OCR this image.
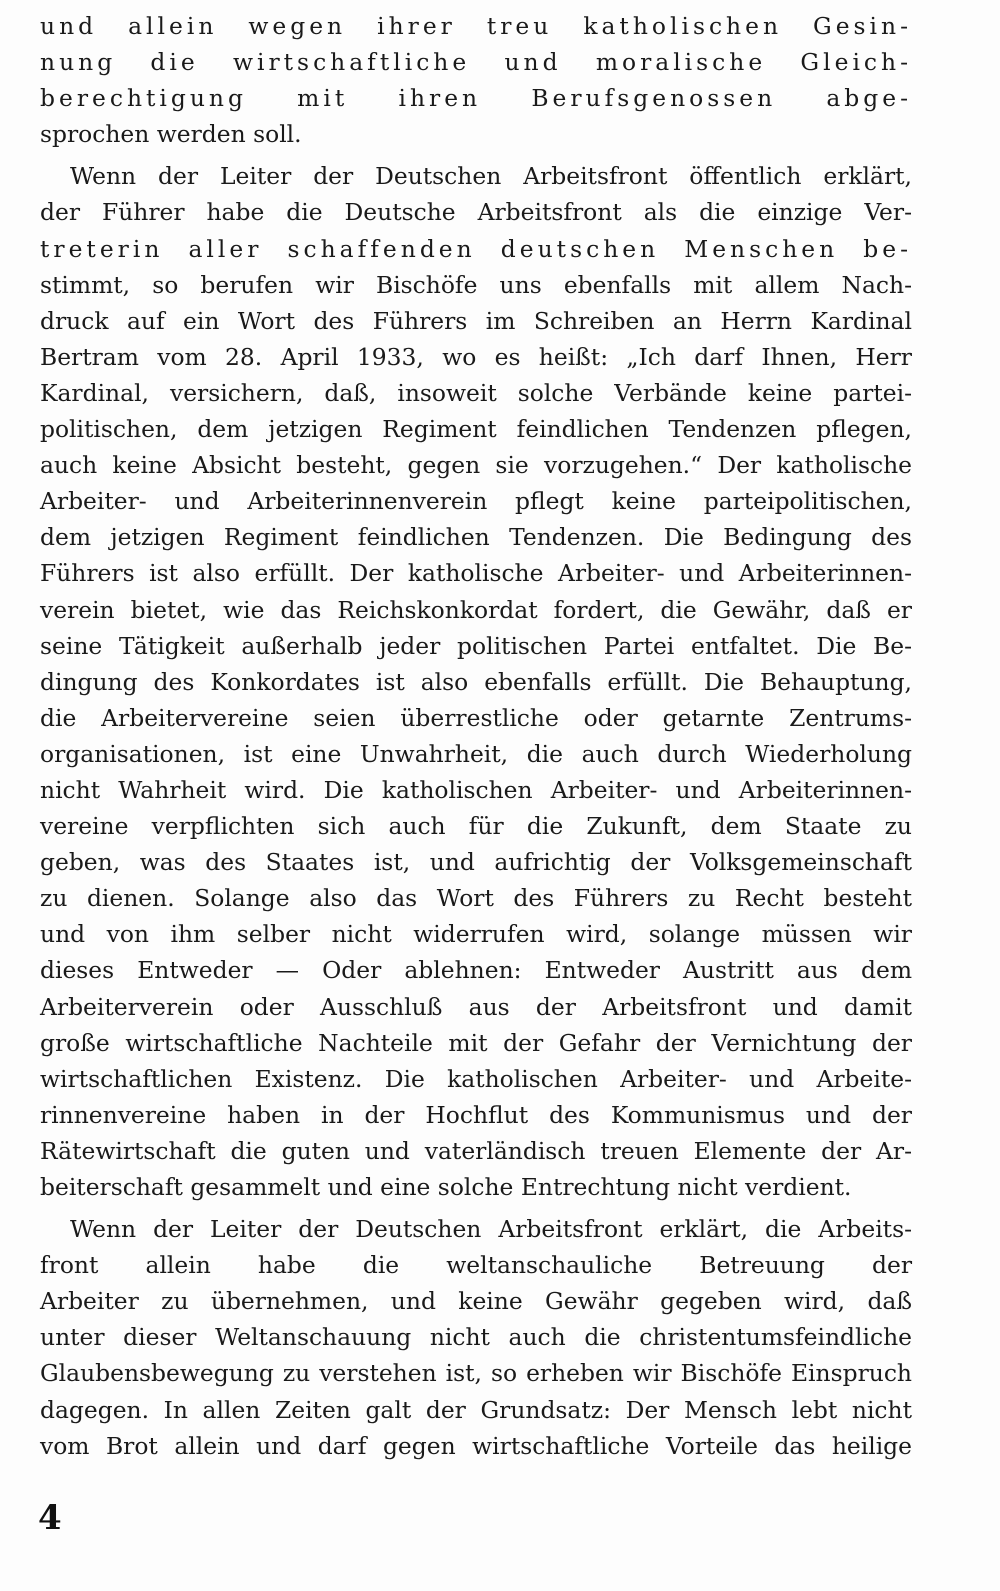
und allein wegen ihrer treu katholischen Gesin-
nung die wirtschaftliche und moralische Gleich-
berechtigung mit ihren Berufsgenossen abge-
sprochen werden soll.
Wenn der Leiter der Deutschen Arbeitsfront öffentlich erklärt,
der Führer habe die Deutsche Arbeitsfront als die einzige Ver-
treterin aller schaffenden deutschen Menschen be-
stimmt, so berufen wir Bischöfe uns ebenfalls mit allem Nach-
druck auf ein Wort des Führers im Schreiben an Herrn Kardinal
Bertram vom 28. April 1933, wo es heißt: „Ich darf Ihnen, Herr
Kardinal, versichern, daß, insoweit solche Verbände keine partei-
politischen, dem jetzigen Regiment feindlichen Tendenzen pflegen,
auch keine Absicht besteht, gegen sie vorzugehen.“ Der katholische
Arbeiter- und Arbeiterinnenverein pflegt keine parteipolitischen,
dem jetzigen Regiment feindlichen Tendenzen. Die Bedingung des
Führers ist also erfüllt. Der katholische Arbeiter- und Arbeiterinnen-
verein bietet, wie das Reichskonkordat fordert, die Gewähr, daß er
seine Tätigkeit außerhalb jeder politischen Partei entfaltet. Die Be-
dingung des Konkordates ist also ebenfalls erfüllt. Die Behauptung,
die Arbeitervereine seien überrestliche oder getarnte Zentrums-
organisationen, ist eine Unwahrheit, die auch durch Wiederholung
nicht Wahrheit wird. Die katholischen Arbeiter- und Arbeiterinnen-
vereine verpflichten sich auch für die Zukunft, dem Staate zu
geben, was des Staates ist, und aufrichtig der Volksgemeinschaft
zu dienen. Solange also das Wort des Führers zu Recht besteht
und von ihm selber nicht widerrufen wird, solange müssen wir
dieses Entweder — Oder ablehnen: Entweder Austritt aus dem
Arbeiterverein oder Ausschluß aus der Arbeitsfront und damit
große wirtschaftliche Nachteile mit der Gefahr der Vernichtung der
wirtschaftlichen Existenz. Die katholischen Arbeiter- und Arbeite-
rinnenvereine haben in der Hochflut des Kommunismus und der
Rätewirtschaft die guten und vaterländisch treuen Elemente der Ar-
beiterschaft gesammelt und eine solche Entrechtung nicht verdient.
Wenn der Leiter der Deutschen Arbeitsfront erklärt, die Arbeits-
front allein habe die weltanschauliche Betreuung der
Arbeiter zu übernehmen, und keine Gewähr gegeben wird, daß
unter dieser Weltanschauung nicht auch die christentumsfeindliche
Glaubensbewegung zu verstehen ist, so erheben wir Bischöfe Einspruch
dagegen. In allen Zeiten galt der Grundsatz: Der Mensch lebt nicht
vom Brot allein und darf gegen wirtschaftliche Vorteile das heilige
4
